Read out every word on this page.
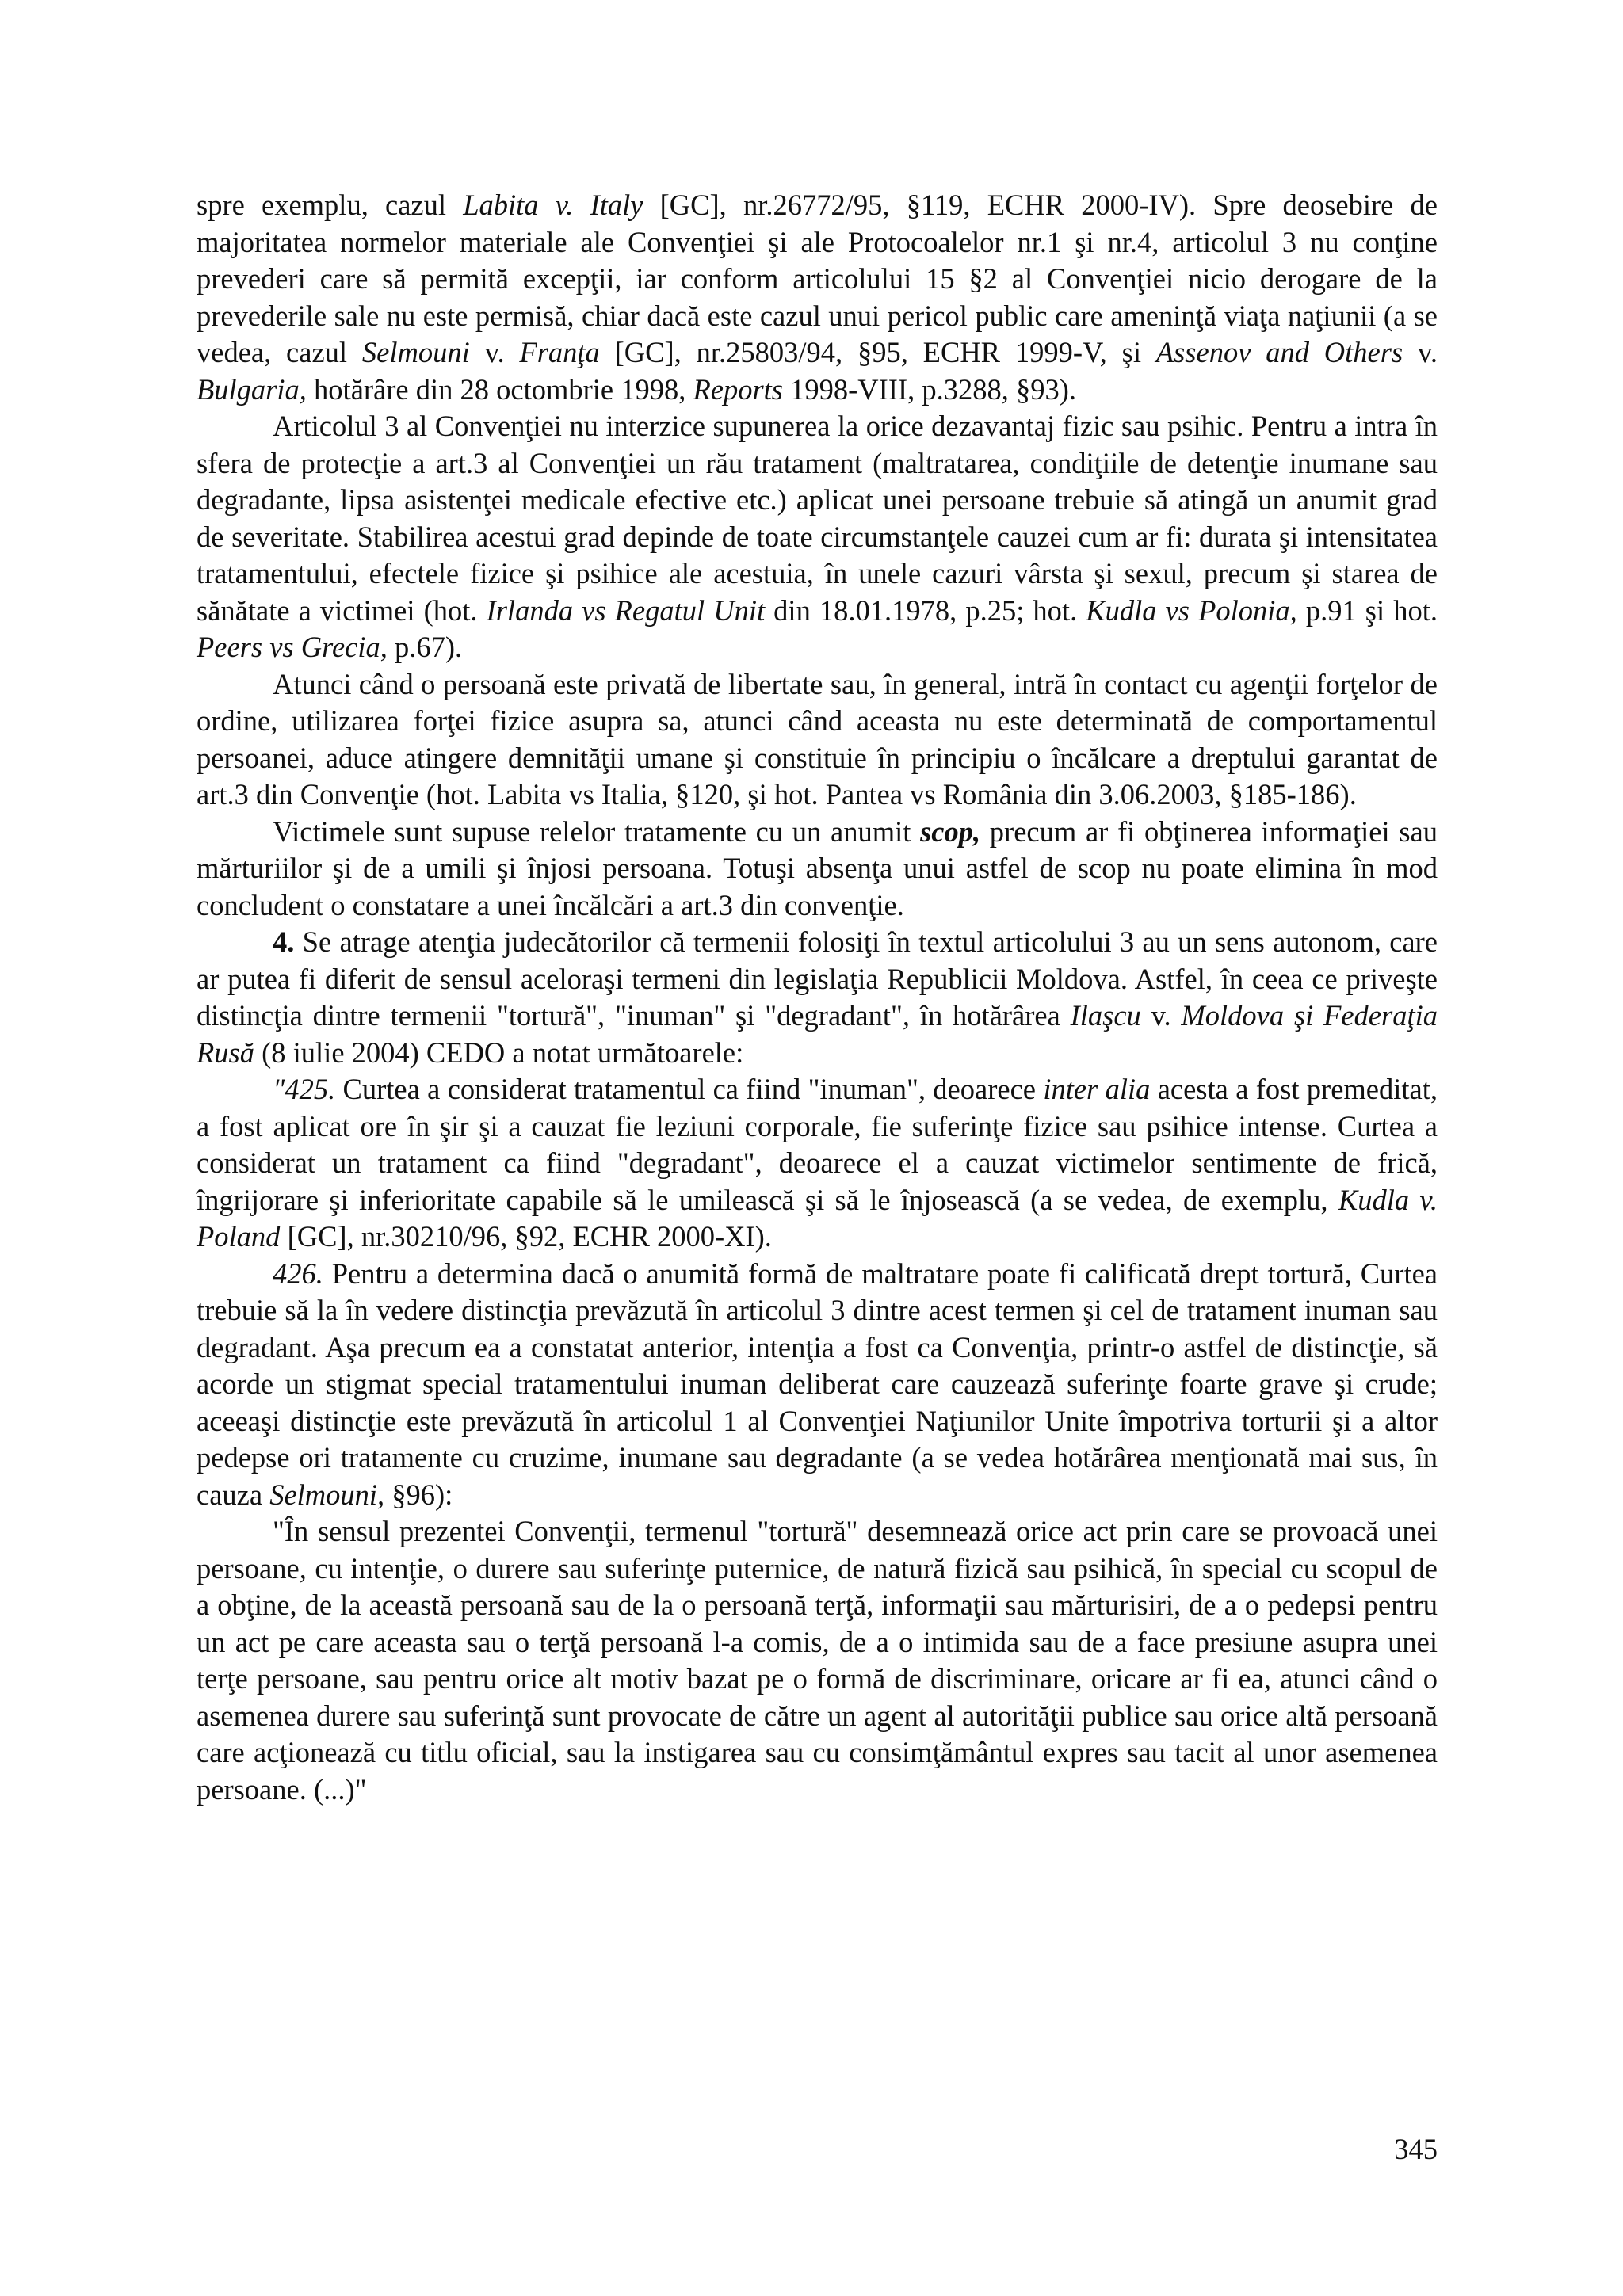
spre exemplu, cazul Labita v. Italy [GC], nr.26772/95, §119, ECHR 2000-IV). Spre deosebire de majoritatea normelor materiale ale Convenţiei şi ale Protocoalelor nr.1 şi nr.4, articolul 3 nu conţine prevederi care să permită excepţii, iar conform articolului 15 §2 al Convenţiei nicio derogare de la prevederile sale nu este permisă, chiar dacă este cazul unui pericol public care ameninţă viaţa naţiunii (a se vedea, cazul Selmouni v. Franţa [GC], nr.25803/94, §95, ECHR 1999-V, şi Assenov and Others v. Bulgaria, hotărâre din 28 octombrie 1998, Reports 1998-VIII, p.3288, §93).

Articolul 3 al Convenţiei nu interzice supunerea la orice dezavantaj fizic sau psihic. Pentru a intra în sfera de protecţie a art.3 al Convenţiei un rău tratament (maltratarea, condiţiile de detenţie inumane sau degradante, lipsa asistenţei medicale efective etc.) aplicat unei persoane trebuie să atingă un anumit grad de severitate. Stabilirea acestui grad depinde de toate circumstanţele cauzei cum ar fi: durata şi intensitatea tratamentului, efectele fizice şi psihice ale acestuia, în unele cazuri vârsta şi sexul, precum şi starea de sănătate a victimei (hot. Irlanda vs Regatul Unit din 18.01.1978, p.25; hot. Kudla vs Polonia, p.91 şi hot. Peers vs Grecia, p.67).

Atunci când o persoană este privată de libertate sau, în general, intră în contact cu agenţii forţelor de ordine, utilizarea forţei fizice asupra sa, atunci când aceasta nu este determinată de comportamentul persoanei, aduce atingere demnităţii umane şi constituie în principiu o încălcare a dreptului garantat de art.3 din Convenţie (hot. Labita vs Italia, §120, şi hot. Pantea vs România din 3.06.2003, §185-186).

Victimele sunt supuse relelor tratamente cu un anumit scop, precum ar fi obţinerea informaţiei sau mărturiilor şi de a umili şi înjosi persoana. Totuşi absenţa unui astfel de scop nu poate elimina în mod concludent o constatare a unei încălcări a art.3 din convenţie.

4. Se atrage atenţia judecătorilor că termenii folosiţi în textul articolului 3 au un sens autonom, care ar putea fi diferit de sensul aceloraşi termeni din legislaţia Republicii Moldova. Astfel, în ceea ce priveşte distincţia dintre termenii "tortură", "inuman" şi "degradant", în hotărârea Ilaşcu v. Moldova şi Federaţia Rusă (8 iulie 2004) CEDO a notat următoarele:

"425. Curtea a considerat tratamentul ca fiind "inuman", deoarece inter alia acesta a fost premeditat, a fost aplicat ore în şir şi a cauzat fie leziuni corporale, fie suferinţe fizice sau psihice intense. Curtea a considerat un tratament ca fiind "degradant", deoarece el a cauzat victimelor sentimente de frică, îngrijorare şi inferioritate capabile să le umilească şi să le înjosească (a se vedea, de exemplu, Kudla v. Poland [GC], nr.30210/96, §92, ECHR 2000-XI).

426. Pentru a determina dacă o anumită formă de maltratare poate fi calificată drept tortură, Curtea trebuie să la în vedere distincţia prevăzută în articolul 3 dintre acest termen şi cel de tratament inuman sau degradant. Aşa precum ea a constatat anterior, intenţia a fost ca Convenţia, printr-o astfel de distincţie, să acorde un stigmat special tratamentului inuman deliberat care cauzează suferinţe foarte grave şi crude; aceeaşi distincţie este prevăzută în articolul 1 al Convenţiei Naţiunilor Unite împotriva torturii şi a altor pedepse ori tratamente cu cruzime, inumane sau degradante (a se vedea hotărârea menţionată mai sus, în cauza Selmouni, §96):

"În sensul prezentei Convenţii, termenul "tortură" desemnează orice act prin care se provoacă unei persoane, cu intenţie, o durere sau suferinţe puternice, de natură fizică sau psihică, în special cu scopul de a obţine, de la această persoană sau de la o persoană terţă, informaţii sau mărturisiri, de a o pedepsi pentru un act pe care aceasta sau o terţă persoană l-a comis, de a o intimida sau de a face presiune asupra unei terţe persoane, sau pentru orice alt motiv bazat pe o formă de discriminare, oricare ar fi ea, atunci când o asemenea durere sau suferinţă sunt provocate de către un agent al autorităţii publice sau orice altă persoană care acţionează cu titlu oficial, sau la instigarea sau cu consimţământul expres sau tacit al unor asemenea persoane. (...)"

345
